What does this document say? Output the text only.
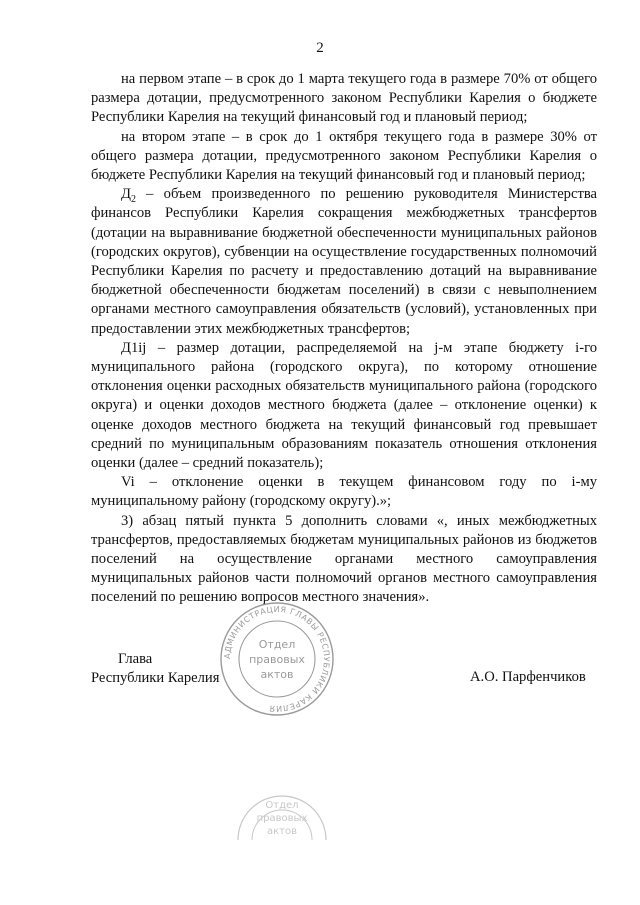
2

на первом этапе – в срок до 1 марта текущего года в размере 70% от общего размера дотации, предусмотренного законом Республики Карелия о бюджете Республики Карелия на текущий финансовый год и плановый период;

на втором этапе – в срок до 1 октября текущего года в размере 30% от общего размера дотации, предусмотренного законом Республики Карелия о бюджете Республики Карелия на текущий финансовый год и плановый период;

$Д_2$ – объем произведенного по решению руководителя Министерства финансов Республики Карелия сокращения межбюджетных трансфертов (дотации на выравнивание бюджетной обеспеченности муниципальных районов (городских округов), субвенции на осуществление государственных полномочий Республики Карелия по расчету и предоставлению дотаций на выравнивание бюджетной обеспеченности бюджетам поселений) в связи с невыполнением органами местного самоуправления обязательств (условий), установленных при предоставлении этих межбюджетных трансфертов;

Д1ij – размер дотации, распределяемой на j-м этапе бюджету i-го муниципального района (городского округа), по которому отношение отклонения оценки расходных обязательств муниципального района (городского округа) и оценки доходов местного бюджета (далее – отклонение оценки) к оценке доходов местного бюджета на текущий финансовый год превышает средний по муниципальным образованиям показатель отношения отклонения оценки (далее – средний показатель);

Vi – отклонение оценки в текущем финансовом году по i-му муниципальному району (городскому округу).»;

3) абзац пятый пункта 5 дополнить словами «, иных межбюджетных трансфертов, предоставляемых бюджетам муниципальных районов из бюджетов поселений на осуществление органами местного самоуправления муниципальных районов части полномочий органов местного самоуправления поселений по решению вопросов местного значения».

Глава
Республики Карелия	А.О. Парфенчиков
АДМИНИСТРАЦИЯ ГЛАВЫ РЕСПУБЛИКИ КАРЕЛИЯ
Отдел
правовых
актов
Отдел
правовых
актов
